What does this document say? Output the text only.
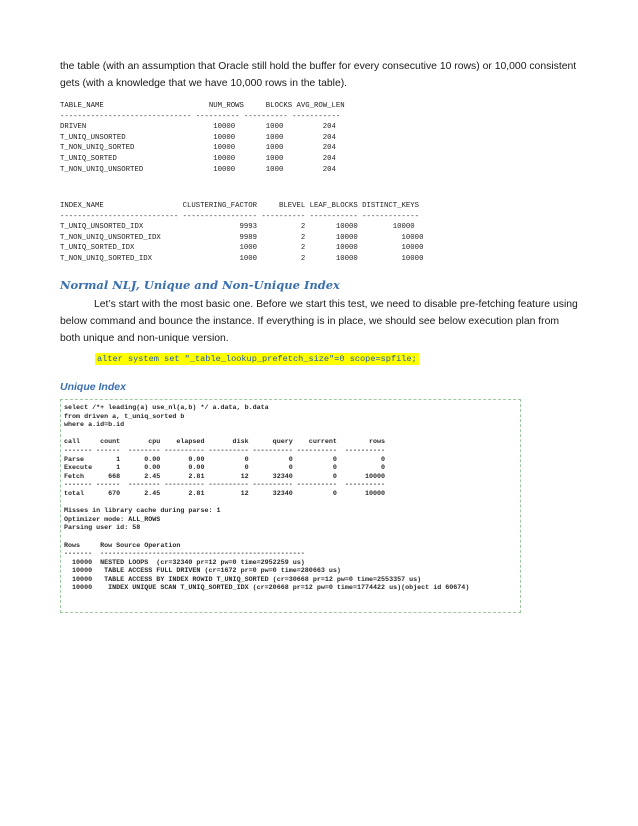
the table (with an assumption that Oracle still hold the buffer for every consecutive 10 rows) or 10,000 consistent gets (with a knowledge that we have 10,000 rows in the table).

TABLE_NAME                        NUM_ROWS     BLOCKS AVG_ROW_LEN
------------------------------ ---------- ---------- -----------
DRIVEN                             10000       1000         204
T_UNIQ_UNSORTED                    10000       1000         204
T_NON_UNIQ_SORTED                  10000       1000         204
T_UNIQ_SORTED                      10000       1000         204
T_NON_UNIQ_UNSORTED                10000       1000         204
INDEX_NAME                  CLUSTERING_FACTOR     BLEVEL LEAF_BLOCKS DISTINCT_KEYS
--------------------------- ----------------- ---------- ----------- -------------
T_UNIQ_UNSORTED_IDX                      9993          2       10000        10000
T_NON_UNIQ_UNSORTED_IDX                  9989          2       10000          10000
T_UNIQ_SORTED_IDX                        1000          2       10000          10000
T_NON_UNIQ_SORTED_IDX                    1000          2       10000          10000
Normal NLJ, Unique and Non-Unique Index

Let’s start with the most basic one. Before we start this test, we need to disable pre-fetching feature using below command and bounce the instance. If everything is in place, we should see below execution plan from both unique and non-unique version.

alter system set "_table_lookup_prefetch_size"=0 scope=spfile;
Unique Index
select /*+ leading(a) use_nl(a,b) */ a.data, b.data
from driven a, t_uniq_sorted b
where a.id=b.id

call     count       cpu    elapsed       disk      query    current        rows
------- ------  -------- ---------- ---------- ---------- ----------  ----------
Parse        1      0.00       0.00          0          0          0           0
Execute      1      0.00       0.00          0          0          0           0
Fetch      668      2.45       2.81         12      32340          0       10000
------- ------  -------- ---------- ---------- ---------- ----------  ----------
total      670      2.45       2.81         12      32340          0       10000

Misses in library cache during parse: 1
Optimizer mode: ALL_ROWS
Parsing user id: 58

Rows     Row Source Operation
-------  ---------------------------------------------------
10000  NESTED LOOPS  (cr=32340 pr=12 pw=0 time=2952259 us)
10000   TABLE ACCESS FULL DRIVEN (cr=1672 pr=0 pw=0 time=280663 us)
10000   TABLE ACCESS BY INDEX ROWID T_UNIQ_SORTED (cr=30668 pr=12 pw=0 time=2553357 us)
10000    INDEX UNIQUE SCAN T_UNIQ_SORTED_IDX (cr=20668 pr=12 pw=0 time=1774422 us)(object id 60674)
